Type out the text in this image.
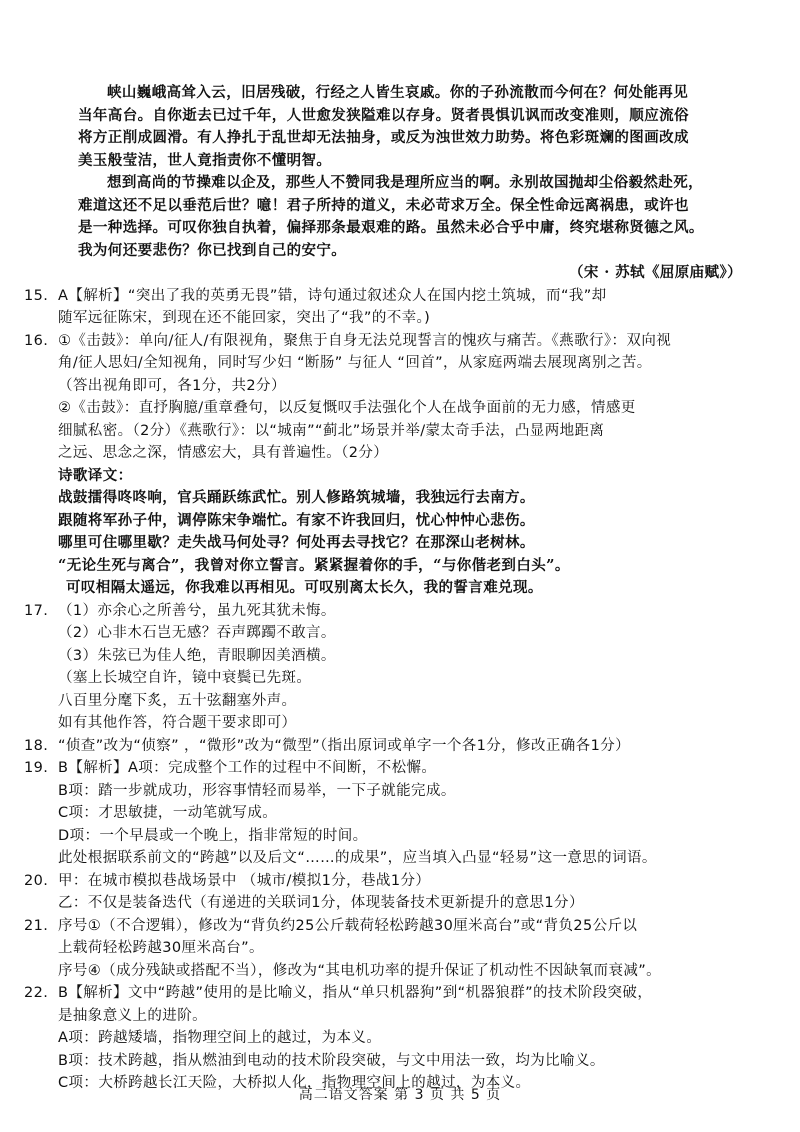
峡山巍峨高耸入云，旧居残破，行经之人皆生哀戚。你的子孙流散而今何在？何处能再见
当年高台。自你逝去已过千年，人世愈发狭隘难以存身。贤者畏惧讥讽而改变准则，顺应流俗
将方正削成圆滑。有人挣扎于乱世却无法抽身，或反为浊世效力助势。将色彩斑斓的图画改成
美玉般莹洁，世人竟指责你不懂明智。
想到高尚的节操难以企及，那些人不赞同我是理所应当的啊。永别故国抛却尘俗毅然赴死，
难道这还不足以垂范后世？噫！君子所持的道义，未必苛求万全。保全性命远离祸患，或许也
是一种选择。可叹你独自执着，偏择那条最艰难的路。虽然未必合乎中庸，终究堪称贤德之风。
我为何还要悲伤？你已找到自己的安宁。
（宋 · 苏轼《屈原庙赋》）
15. A【解析】“突出了我的英勇无畏”错，诗句通过叙述众人在国内挖土筑城，而“我”却
随军远征陈宋，到现在还不能回家，突出了“我”的不幸。)
16. ①《击鼓》：单向/征人/有限视角，聚焦于自身无法兑现誓言的愧疚与痛苦。《燕歌行》：双向视
角/征人思妇/全知视角，同时写少妇 “断肠” 与征人 “回首”，从家庭两端去展现离别之苦。
（答出视角即可，各1分，共2分）
②《击鼓》：直抒胸臆/重章叠句，以反复慨叹手法强化个人在战争面前的无力感，情感更
细腻私密。（2分）《燕歌行》：以“城南”“蓟北”场景并举/蒙太奇手法，凸显两地距离
之远、思念之深，情感宏大，具有普遍性。（2分）
诗歌译文：
战鼓擂得咚咚响，官兵踊跃练武忙。别人修路筑城墙，我独远行去南方。
跟随将军孙子仲，调停陈宋争端忙。有家不许我回归，忧心忡忡心悲伤。
哪里可住哪里歇？走失战马何处寻？何处再去寻找它？在那深山老树林。
“无论生死与离合”，我曾对你立誓言。紧紧握着你的手，“与你偕老到白头”。
可叹相隔太遥远，你我难以再相见。可叹别离太长久，我的誓言难兑现。
17. （1）亦余心之所善兮，虽九死其犹未悔。
（2）心非木石岂无感？吞声踯躅不敢言。
（3）朱弦已为佳人绝，青眼聊因美酒横。
（塞上长城空自许，镜中衰鬓已先斑。
八百里分麾下炙，五十弦翻塞外声。
如有其他作答，符合题干要求即可）
18. “侦查”改为“侦察” ，“微形”改为“微型”（指出原词或单字一个各1分，修改正确各1分）
19. B【解析】A项：完成整个工作的过程中不间断，不松懈。
B项：踏一步就成功，形容事情轻而易举，一下子就能完成。
C项：才思敏捷，一动笔就写成。
D项：一个早晨或一个晚上，指非常短的时间。
此处根据联系前文的“跨越”以及后文“……的成果”，应当填入凸显“轻易”这一意思的词语。
20. 甲：在城市模拟巷战场景中 （城市/模拟1分，巷战1分）
乙：不仅是装备迭代（有递进的关联词1分，体现装备技术更新提升的意思1分）
21. 序号①（不合逻辑），修改为“背负约25公斤载荷轻松跨越30厘米高台”或“背负25公斤以
上载荷轻松跨越30厘米高台”。
序号④（成分残缺或搭配不当），修改为“其电机功率的提升保证了机动性不因缺氧而衰减”。
22. B【解析】文中“跨越”使用的是比喻义，指从“单只机器狗”到“机器狼群”的技术阶段突破，
是抽象意义上的进阶。
A项：跨越矮墙，指物理空间上的越过，为本义。
B项：技术跨越，指从燃油到电动的技术阶段突破，与文中用法一致，均为比喻义。
C项：大桥跨越长江天险，大桥拟人化，指物理空间上的越过，为本义。
高二语文答案 第 3 页 共 5 页
